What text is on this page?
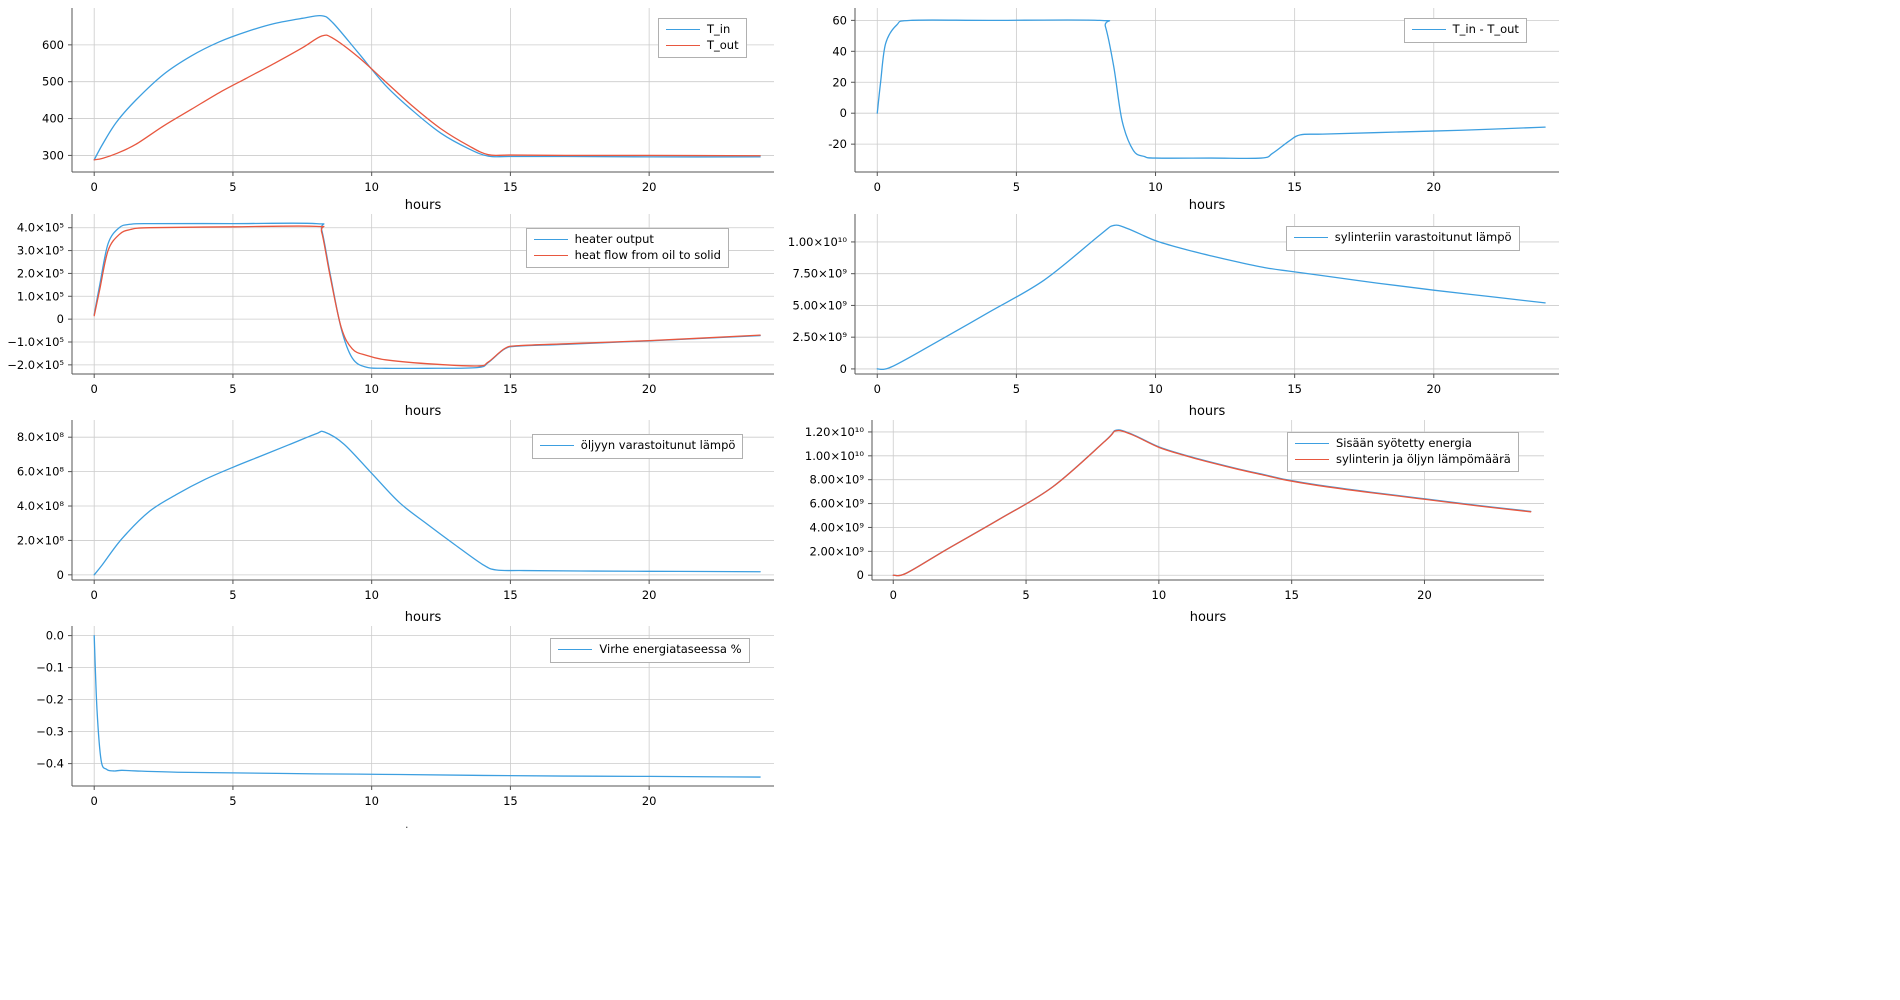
300
400
500
600
0	5	10	15	20
hours
T_in
T_out
-20
0
20
40
60
0	5	10	15	20
hours
T_in - T_out
4.0×10⁵
3.0×10⁵
2.0×10⁵
1.0×10⁵
0
−1.0×10⁵
−2.0×10⁵
0	5	10	15	20
hours
heater output
heat flow from oil to solid
0
2.50×10⁹
5.00×10⁹
7.50×10⁹
1.00×10¹⁰
0	5	10	15	20
hours
sylinteriin varastoitunut lämpö
0
2.0×10⁸
4.0×10⁸
6.0×10⁸
8.0×10⁸
0	5	10	15	20
hours
öljyyn varastoitunut lämpö
0
2.00×10⁹
4.00×10⁹
6.00×10⁹
8.00×10⁹
1.00×10¹⁰
1.20×10¹⁰
0	5	10	15	20
hours
Sisään syötetty energia
sylinterin ja öljyn lämpömäärä
0.0
−0.1
−0.2
−0.3
−0.4
0	5	10	15	20
Virhe energiataseessa %
.
